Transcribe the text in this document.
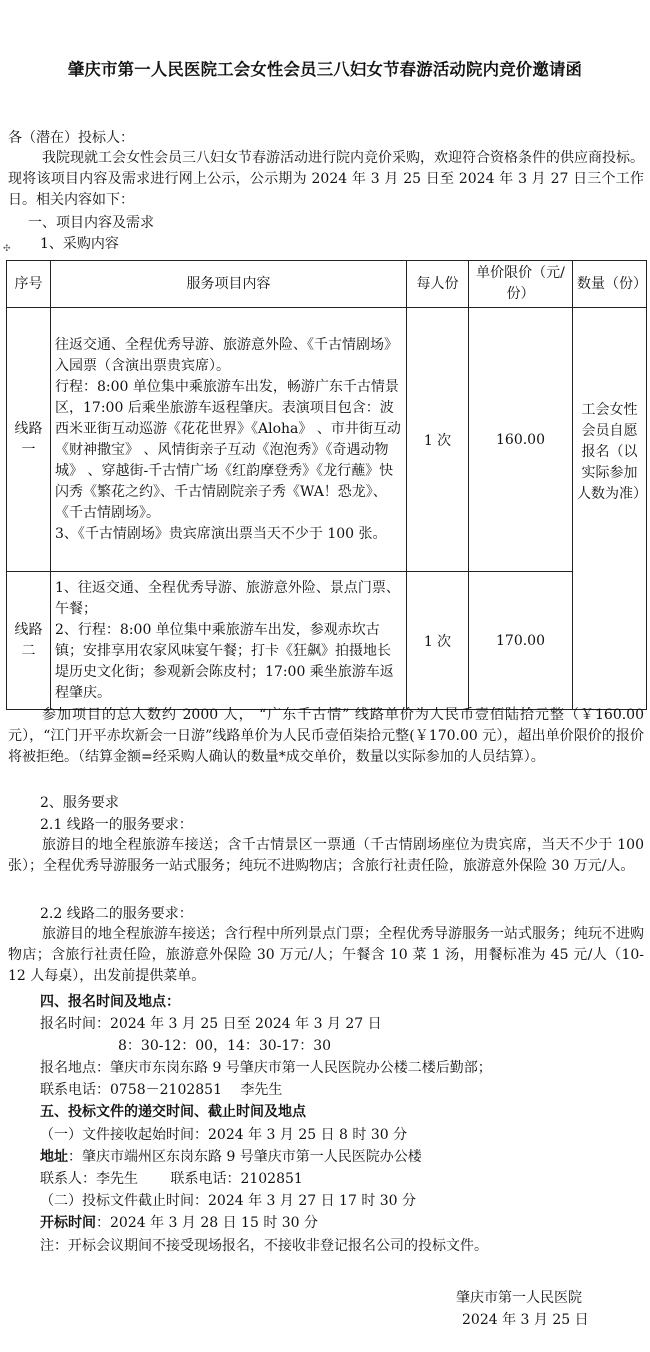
肇庆市第一人民医院工会女性会员三八妇女节春游活动院内竞价邀请函
各（潜在）投标人：
我院现就工会女性会员三八妇女节春游活动进行院内竞价采购，欢迎符合资格条件的供应商投标。现将该项目内容及需求进行网上公示，公示期为 2024 年 3 月 25 日至 2024 年 3 月 27 日三个工作日。相关内容如下：
一、项目内容及需求
1、采购内容
✣
序号	服务项目内容	每人份	单价限价（元/份）	数量（份）
线路一	往返交通、全程优秀导游、旅游意外险、《千古情剧场》入园票（含演出票贵宾席）。
行程：8:00 单位集中乘旅游车出发，畅游广东千古情景区，17:00 后乘坐旅游车返程肇庆。表演项目包含：波西米亚街互动巡游《花花世界》《Aloha》 、市井街互动《财神撒宝》 、风情街亲子互动《泡泡秀》《奇遇动物城》 、穿越街-千古情广场《红韵摩登秀》《龙行蘸》快闪秀《繁花之约》、千古情剧院亲子秀《WA！恐龙》、《千古情剧场》。
3、《千古情剧场》贵宾席演出票当天不少于 100 张。	1 次	160.00	工会女性会员自愿报名（以实际参加人数为准）
线路二	1、往返交通、全程优秀导游、旅游意外险、景点门票、午餐；
2、行程：8:00 单位集中乘旅游车出发，参观赤坎古镇；安排享用农家风味宴午餐；打卡《狂飙》拍摄地长堤历史文化街；参观新会陈皮村；17:00 乘坐旅游车返程肇庆。	1 次	170.00	
参加项目的总人数约 2000 人， “广东千古情” 线路单价为人民币壹佰陆拾元整（￥160.00 元），“江门开平赤坎新会一日游”线路单价为人民币壹佰柒拾元整(￥170.00 元），超出单价限价的报价将被拒绝。（结算金额=经采购人确认的数量*成交单价，数量以实际参加的人员结算）。
2、服务要求
2.1 线路一的服务要求：
旅游目的地全程旅游车接送；含千古情景区一票通（千古情剧场座位为贵宾席，当天不少于 100 张）；全程优秀导游服务一站式服务；纯玩不进购物店；含旅行社责任险，旅游意外保险 30 万元/人。
2.2 线路二的服务要求：
旅游目的地全程旅游车接送；含行程中所列景点门票；全程优秀导游服务一站式服务；纯玩不进购物店；含旅行社责任险，旅游意外保险 30 万元/人；午餐含 10 菜 1 汤，用餐标准为 45 元/人（10-12 人每桌），出发前提供菜单。
四、报名时间及地点：
报名时间：2024 年 3 月 25 日至 2024 年 3 月 27 日
8：30-12：00，14：30-17：30
报名地点：肇庆市东岗东路 9 号肇庆市第一人民医院办公楼二楼后勤部；
联系电话：0758－2102851　 李先生
五、投标文件的递交时间、截止时间及地点
（一）文件接收起始时间：2024 年 3 月 25 日 8 时 30 分
地址：肇庆市端州区东岗东路 9 号肇庆市第一人民医院办公楼
联系人：李先生　　 联系电话：2102851
（二）投标文件截止时间：2024 年 3 月 27 日 17 时 30 分
开标时间：2024 年 3 月 28 日 15 时 30 分
注：开标会议期间不接受现场报名，不接收非登记报名公司的投标文件。
肇庆市第一人民医院
2024 年 3 月 25 日
